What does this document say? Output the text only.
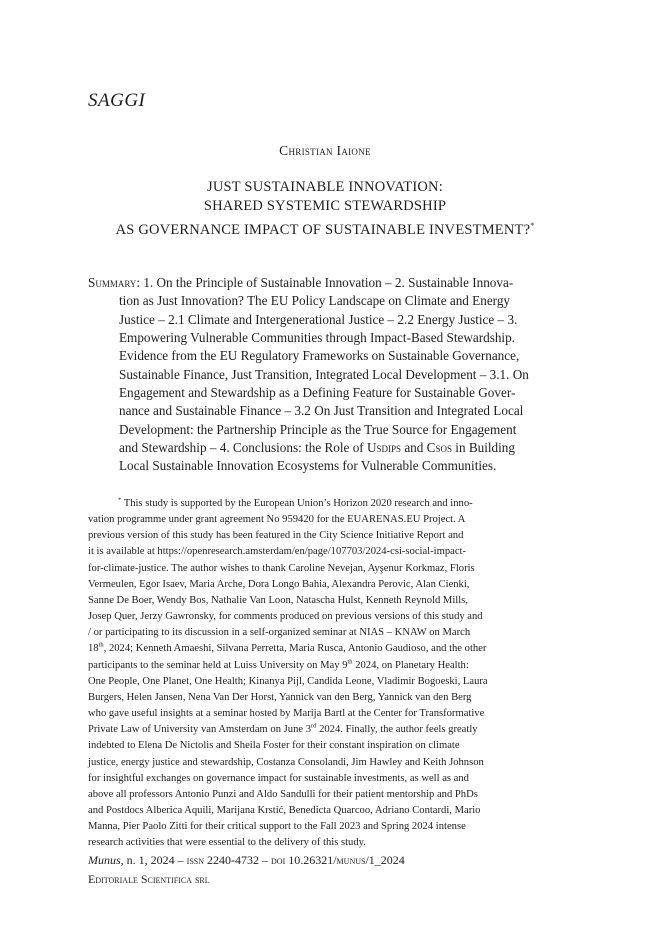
SAGGI
Christian Iaione
JUST SUSTAINABLE INNOVATION:
SHARED SYSTEMIC STEWARDSHIP
AS GOVERNANCE IMPACT OF SUSTAINABLE INVESTMENT?*
Summary: 1. On the Principle of Sustainable Innovation – 2. Sustainable Innova-
tion as Just Innovation? The EU Policy Landscape on Climate and Energy
Justice – 2.1 Climate and Intergenerational Justice – 2.2 Energy Justice – 3.
Empowering Vulnerable Communities through Impact-Based Stewardship.
Evidence from the EU Regulatory Frameworks on Sustainable Governance,
Sustainable Finance, Just Transition, Integrated Local Development – 3.1. On
Engagement and Stewardship as a Defining Feature for Sustainable Gover-
nance and Sustainable Finance – 3.2 On Just Transition and Integrated Local
Development: the Partnership Principle as the True Source for Engagement
and Stewardship – 4. Conclusions: the Role of Usdips and Csos in Building
Local Sustainable Innovation Ecosystems for Vulnerable Communities.
* This study is supported by the European Union’s Horizon 2020 research and inno-
vation programme under grant agreement No 959420 for the EUARENAS.EU Project. A
previous version of this study has been featured in the City Science Initiative Report and
it is available at https://openresearch.amsterdam/en/page/107703/2024-csi-social-impact-
for-climate-justice. The author wishes to thank Caroline Nevejan, Ayşenur Korkmaz, Floris
Vermeulen, Egor Isaev, Maria Arche, Dora Longo Bahia, Alexandra Perovic, Alan Cienki,
Sanne De Boer, Wendy Bos, Nathalie Van Loon, Natascha Hulst, Kenneth Reynold Mills,
Josep Quer, Jerzy Gawronsky, for comments produced on previous versions of this study and
/ or participating to its discussion in a self-organized seminar at NIAS – KNAW on March
18th, 2024; Kenneth Amaeshi, Silvana Perretta, Maria Rusca, Antonio Gaudioso, and the other
participants to the seminar held at Luiss University on May 9th 2024, on Planetary Health:
One People, One Planet, One Health; Kinanya Pijl, Candida Leone, Vladimir Bogoeski, Laura
Burgers, Helen Jansen, Nena Van Der Horst, Yannick van den Berg, Yannick van den Berg
who gave useful insights at a seminar hosted by Marija Bartl at the Center for Transformative
Private Law of University van Amsterdam on June 3rd 2024. Finally, the author feels greatly
indebted to Elena De Nictolis and Sheila Foster for their constant inspiration on climate
justice, energy justice and stewardship, Costanza Consolandi, Jim Hawley and Keith Johnson
for insightful exchanges on governance impact for sustainable investments, as well as and
above all professors Antonio Punzi and Aldo Sandulli for their patient mentorship and PhDs
and Postdocs Alberica Aquili, Marijana Krstić, Benedicta Quarcoo, Adriano Contardi, Mario
Manna, Pier Paolo Zitti for their critical support to the Fall 2023 and Spring 2024 intense
research activities that were essential to the delivery of this study.
Munus, n. 1, 2024 – issn 2240-4732 – doi 10.26321/munus/1_2024
Editoriale Scientifica srl
